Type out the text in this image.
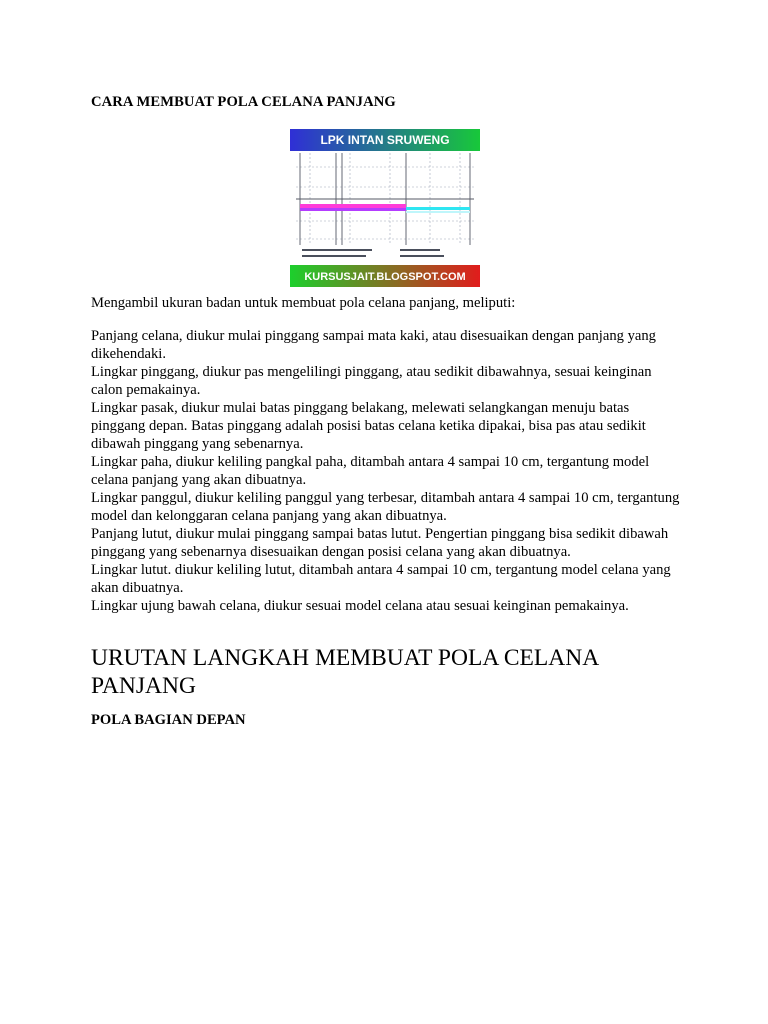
CARA MEMBUAT POLA CELANA PANJANG
LPK INTAN SRUWENG
KURSUSJAIT.BLOGSPOT.COM

Mengambil ukuran badan untuk membuat pola celana panjang, meliputi:

Panjang celana, diukur mulai pinggang sampai mata kaki, atau disesuaikan dengan panjang yang dikehendaki.

Lingkar pinggang, diukur pas mengelilingi pinggang, atau sedikit dibawahnya, sesuai keinginan calon pemakainya.

Lingkar pasak, diukur mulai batas pinggang belakang, melewati selangkangan menuju batas pinggang depan. Batas pinggang adalah posisi batas celana ketika dipakai, bisa pas atau sedikit dibawah pinggang yang sebenarnya.

Lingkar paha, diukur keliling pangkal paha, ditambah antara 4 sampai 10 cm, tergantung model celana panjang yang akan dibuatnya.

Lingkar panggul, diukur keliling panggul yang terbesar, ditambah antara 4 sampai 10 cm, tergantung model dan kelonggaran celana panjang yang akan dibuatnya.

Panjang lutut, diukur mulai pinggang sampai batas lutut. Pengertian pinggang bisa sedikit dibawah pinggang yang sebenarnya disesuaikan dengan posisi celana yang akan dibuatnya.

Lingkar lutut. diukur keliling lutut, ditambah antara 4 sampai 10 cm, tergantung model celana yang akan dibuatnya.

Lingkar ujung bawah celana, diukur sesuai model celana atau sesuai keinginan pemakainya.

URUTAN LANGKAH MEMBUAT POLA CELANA PANJANG
POLA BAGIAN DEPAN
